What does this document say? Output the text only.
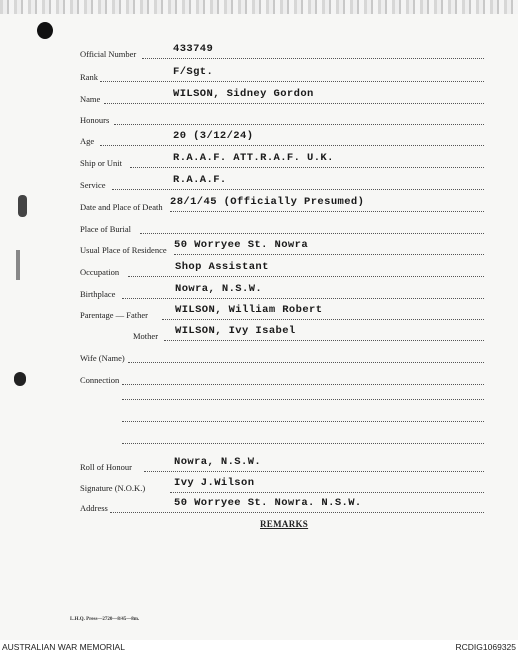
Official Number	433749
Rank	F/Sgt.
Name	WILSON, Sidney Gordon
Honours
Age	20 (3/12/24)
Ship or Unit	R.A.A.F. ATT.R.A.F. U.K.
Service	R.A.A.F.
Date and Place of Death 28/1/45 (Officially Presumed)
Place of Burial
Usual Place of Residence 50 Worryee St. Nowra
Occupation	Shop Assistant
Birthplace	Nowra, N.S.W.
Parentage — Father	WILSON, William Robert
Mother WILSON, Ivy Isabel
Wife (Name)
Connection
Roll of Honour	Nowra, N.S.W.
Signature (N.O.K.)	Ivy J.Wilson
Address	50 Worryee St. Nowra. N.S.W.
REMARKS
L.H.Q. Press—2720—8/45—8m.
AUSTRALIAN WAR MEMORIAL	RCDIG1069325
